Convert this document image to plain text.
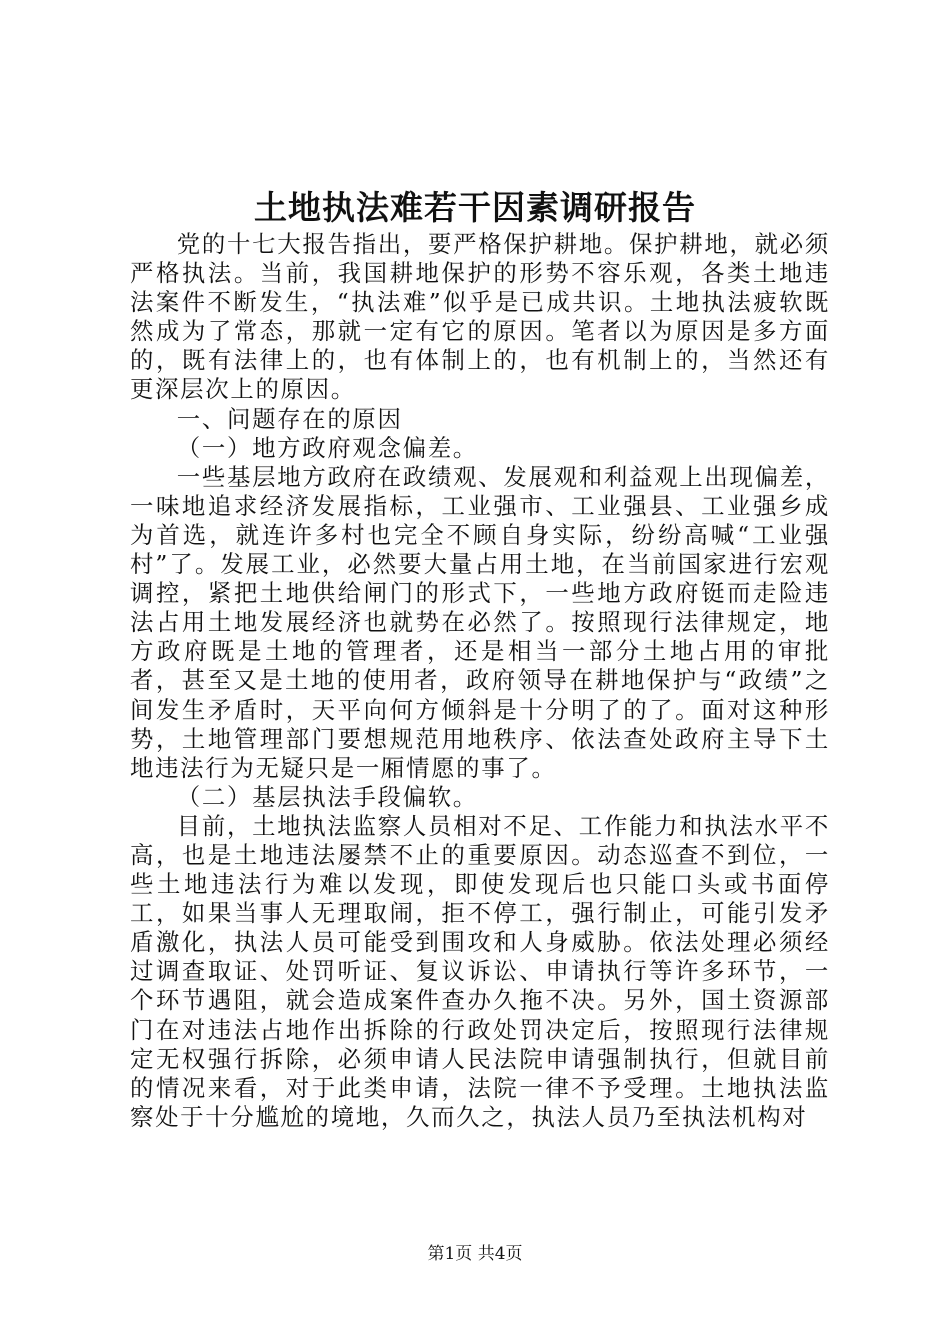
土地执法难若干因素调研报告

党的十七大报告指出，要严格保护耕地。保护耕地，就必须严格执法。当前，我国耕地保护的形势不容乐观，各类土地违法案件不断发生，“执法难”似乎是已成共识。土地执法疲软既然成为了常态，那就一定有它的原因。笔者以为原因是多方面的，既有法律上的，也有体制上的，也有机制上的，当然还有更深层次上的原因。

一、问题存在的原因

（一）地方政府观念偏差。

一些基层地方政府在政绩观、发展观和利益观上出现偏差，一味地追求经济发展指标，工业强市、工业强县、工业强乡成为首选，就连许多村也完全不顾自身实际，纷纷高喊“工业强村”了。发展工业，必然要大量占用土地，在当前国家进行宏观调控，紧把土地供给闸门的形式下，一些地方政府铤而走险违法占用土地发展经济也就势在必然了。按照现行法律规定，地方政府既是土地的管理者，还是相当一部分土地占用的审批者，甚至又是土地的使用者，政府领导在耕地保护与“政绩”之间发生矛盾时，天平向何方倾斜是十分明了的了。面对这种形势，土地管理部门要想规范用地秩序、依法查处政府主导下土地违法行为无疑只是一厢情愿的事了。

（二）基层执法手段偏软。

目前，土地执法监察人员相对不足、工作能力和执法水平不高，也是土地违法屡禁不止的重要原因。动态巡查不到位，一些土地违法行为难以发现，即使发现后也只能口头或书面停工，如果当事人无理取闹，拒不停工，强行制止，可能引发矛盾激化，执法人员可能受到围攻和人身威胁。依法处理必须经过调查取证、处罚听证、复议诉讼、申请执行等许多环节，一个环节遇阻，就会造成案件查办久拖不决。另外，国土资源部门在对违法占地作出拆除的行政处罚决定后，按照现行法律规定无权强行拆除，必须申请人民法院申请强制执行，但就目前的情况来看，对于此类申请，法院一律不予受理。土地执法监察处于十分尴尬的境地，久而久之，执法人员乃至执法机构对

第1页 共4页
